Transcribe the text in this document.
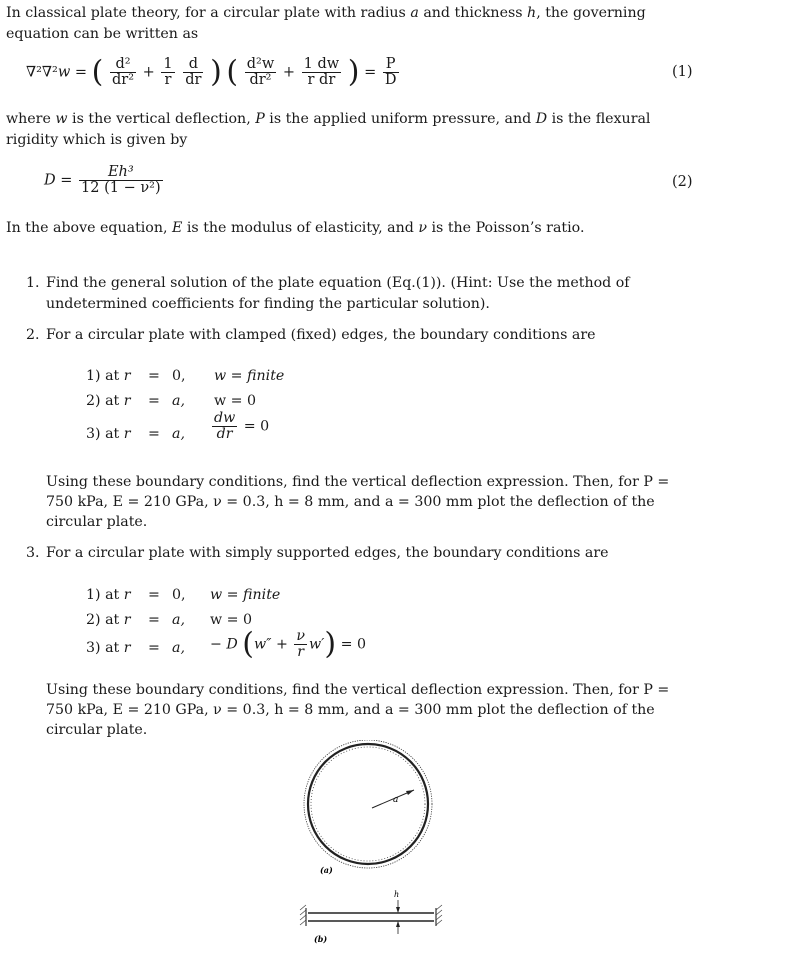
In classical plate theory, for a circular plate with radius a and thickness h, the governing equation can be written as

∇²∇²w = ( $\frac{\text{d²}}{\text{dr²}} + \frac{1}{r}$
$\frac{d}{dr}$ ) ( $\frac{\text{d²w}}{\text{dr²}} + \frac{1 dw}{\text{r dr}}$ ) = $\frac{P}{D}$	(1)

where w is the vertical deflection, P is the applied uniform pressure, and D is the flexural rigidity which is given by

$D = \frac{\text{Eh³}}{\text{12 (1 − ν²)}}$	(2)

In the above equation, E is the modulus of elasticity, and ν is the Poisson’s ratio.

1. Find the general solution of the plate equation (Eq.(1)). (Hint: Use the method of undetermined coefficients for finding the particular solution).
2. For a circular plate with clamped (fixed) edges, the boundary conditions are
1) at r = 0, w = finite
2) at r = a, w = 0
3) at r = a, $\frac{dw}{dr} = 0$

Using these boundary conditions, find the vertical deflection expression. Then, for P = 750 kPa, E = 210 GPa, ν = 0.3, h = 8 mm, and a = 300 mm plot the deflection of the circular plate.

3. For a circular plate with simply supported edges, the boundary conditions are
1) at r = 0, w = finite
2) at r = a, w = 0
3) at r = a, − D $(w'' + \frac{\nu}{r} w') = 0$

Using these boundary conditions, find the vertical deflection expression. Then, for P = 750 kPa, E = 210 GPa, ν = 0.3, h = 8 mm, and a = 300 mm plot the deflection of the circular plate.

a
(a)
h
(b)
